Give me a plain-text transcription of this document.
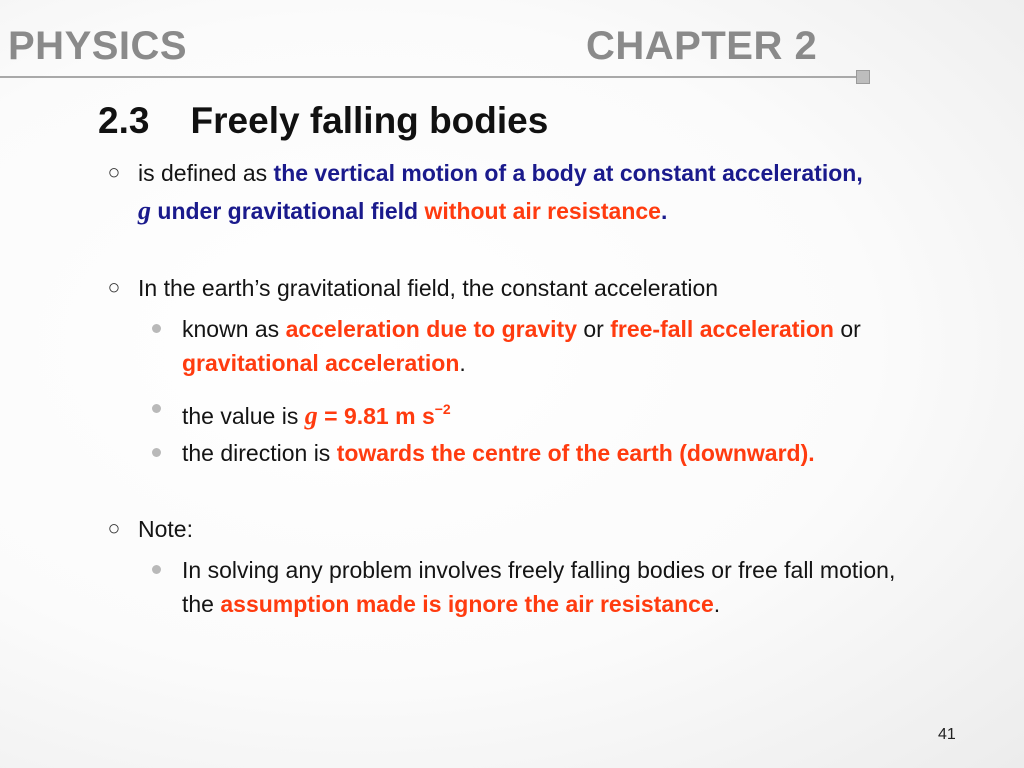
PHYSICS	CHAPTER 2
2.3    Freely falling bodies
○ is defined as the vertical motion of a body at constant acceleration, g under gravitational field without air resistance.
○ In the earth’s gravitational field, the constant acceleration
known as acceleration due to gravity or free-fall acceleration or gravitational acceleration.
the value is g = 9.81 m $s^{-2}$
the direction is towards the centre of the earth (downward).
○ Note:
In solving any problem involves freely falling bodies or free fall motion, the assumption made is ignore the air resistance.
41
